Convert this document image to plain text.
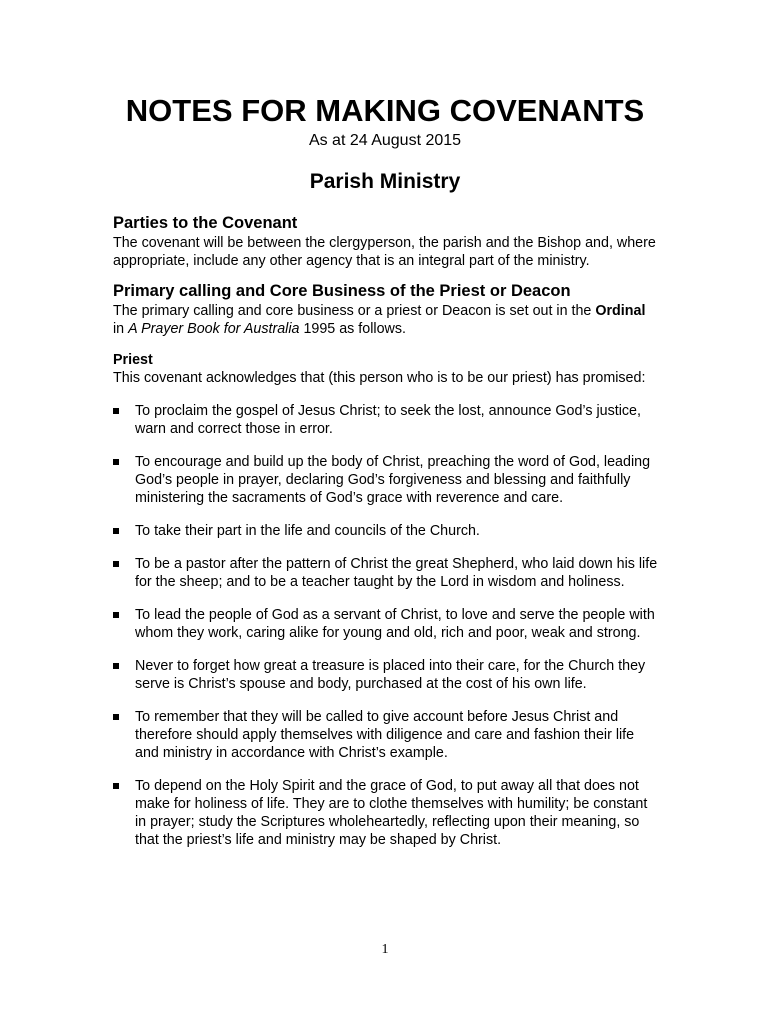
NOTES FOR MAKING COVENANTS
As at 24 August 2015
Parish Ministry
Parties to the Covenant
The covenant will be between the clergyperson, the parish and the Bishop and, where appropriate, include any other agency that is an integral part of the ministry.
Primary calling and Core Business of the Priest or Deacon
The primary calling and core business or a priest or Deacon is set out in the Ordinal in A Prayer Book for Australia 1995 as follows.
Priest
This covenant acknowledges that (this person who is to be our priest) has promised:
To proclaim the gospel of Jesus Christ; to seek the lost, announce God’s justice, warn and correct those in error.
To encourage and build up the body of Christ, preaching the word of God, leading God’s people in prayer, declaring God’s forgiveness and blessing and faithfully ministering the sacraments of God’s grace with reverence and care.
To take their part in the life and councils of the Church.
To be a pastor after the pattern of Christ the great Shepherd, who laid down his life for the sheep; and to be a teacher taught by the Lord in wisdom and holiness.
To lead the people of God as a servant of Christ, to love and serve the people with whom they work, caring alike for young and old, rich and poor, weak and strong.
Never to forget how great a treasure is placed into their care, for the Church they serve is Christ’s spouse and body, purchased at the cost of his own life.
To remember that they will be called to give account before Jesus Christ and therefore should apply themselves with diligence and care and fashion their life and ministry in accordance with Christ’s example.
To depend on the Holy Spirit and the grace of God, to put away all that does not make for holiness of life. They are to clothe themselves with humility; be constant in prayer; study the Scriptures wholeheartedly, reflecting upon their meaning, so that the priest’s life and ministry may be shaped by Christ.
1
